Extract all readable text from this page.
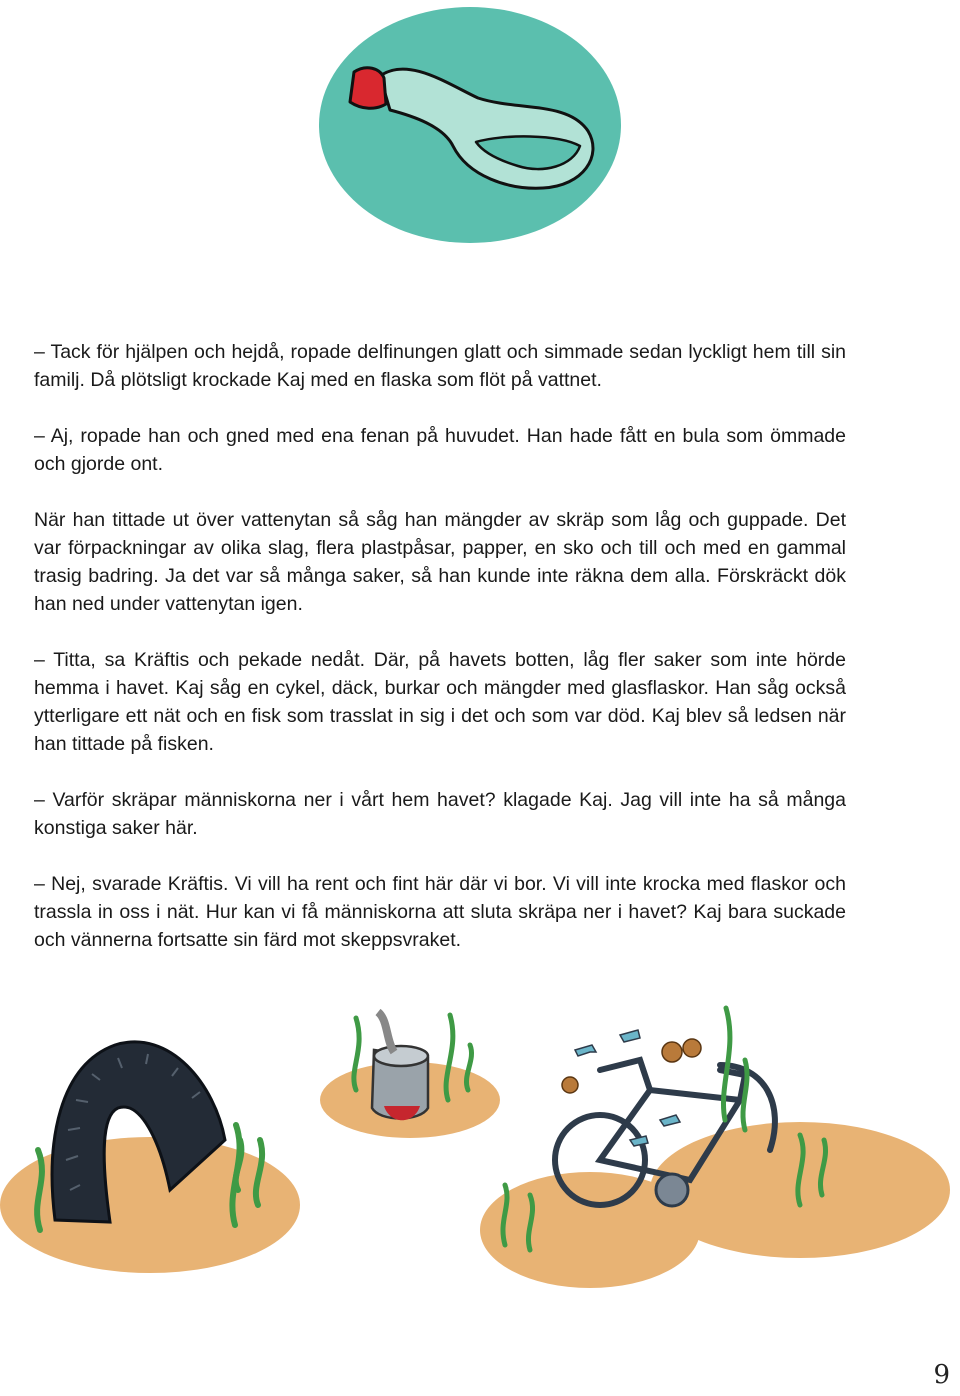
– Tack för hjälpen och hejdå, ropade delfinungen glatt och simmade sedan lyckligt hem till sin familj. Då plötsligt krockade Kaj med en flaska som flöt på vattnet.

– Aj, ropade han och gned med ena fenan på huvudet. Han hade fått en bula som ömmade och gjorde ont.

När han tittade ut över vattenytan så såg han mängder av skräp som låg och guppade. Det var förpackningar av olika slag, flera plastpåsar, papper, en sko och till och med en gammal trasig badring. Ja det var så många saker, så han kunde inte räkna dem alla. Förskräckt dök han ned under vattenytan igen.

– Titta, sa Kräftis och pekade nedåt. Där, på havets botten, låg fler saker som inte hörde hemma i havet. Kaj såg en cykel, däck, burkar och mängder med glasflaskor. Han såg också ytterligare ett nät och en fisk som trasslat in sig i det och som var död. Kaj blev så ledsen när han tittade på fisken.

– Varför skräpar människorna ner i vårt hem havet? klagade Kaj. Jag vill inte ha så många konstiga saker här.

– Nej, svarade Kräftis. Vi vill ha rent och fint här där vi bor. Vi vill inte krocka med flaskor och trassla in oss i nät. Hur kan vi få människorna att sluta skräpa ner i havet? Kaj bara suckade och vännerna fortsatte sin färd mot skeppsvraket.

9
